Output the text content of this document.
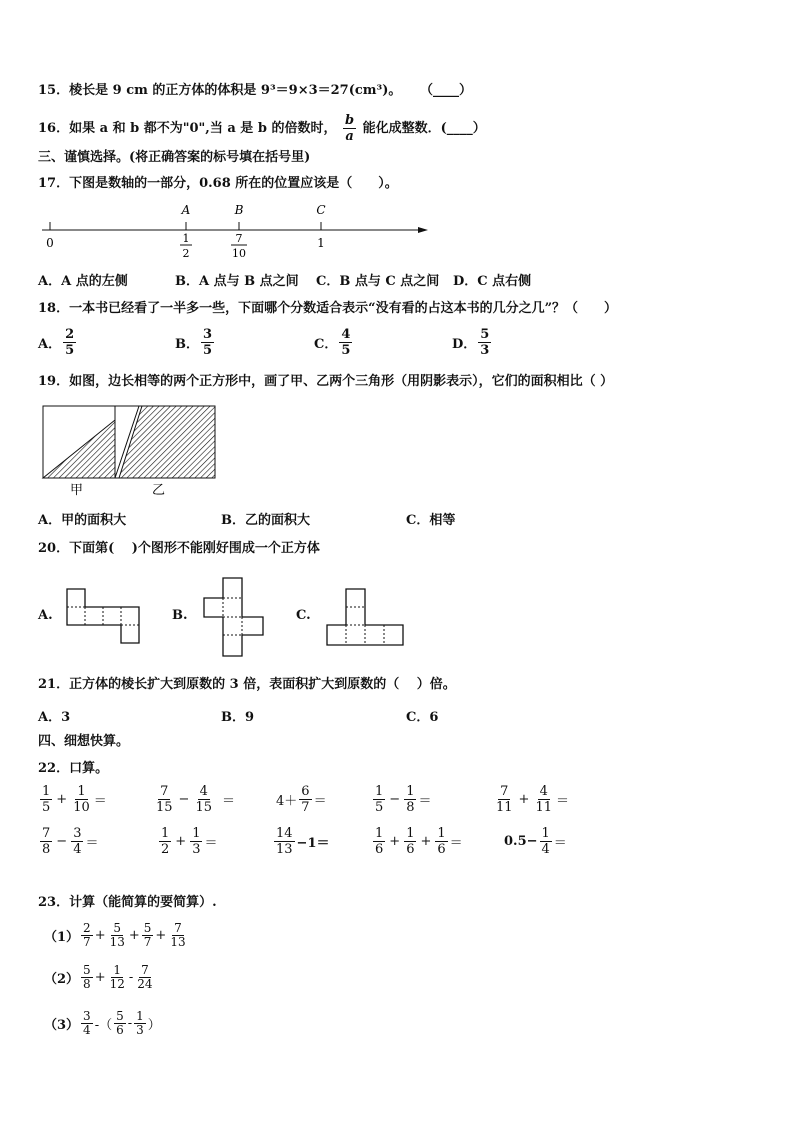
15．棱长是 9 cm 的正方体的体积是 9³＝9×3＝27(cm³)。 （____）
16．如果 a 和 b 都不为"0",当 a 是 b 的倍数时， $\frac{b}{a}$ 能化成整数．(____）
三、谨慎选择。(将正确答案的标号填在括号里)
17．下图是数轴的一部分，0.68 所在的位置应该是（　　）。
A	B	C
0	1
1
2
7
10
A．A 点的左侧	B．A 点与 B 点之间 C．B 点与 C 点之间 D．C 点右侧
18．一本书已经看了一半多一些，下面哪个分数适合表示“没有看的占这本书的几分之几”？（　　）
A． $\frac{2}{5}$	B． $\frac{3}{5}$	C． $\frac{4}{5}$	D． $\frac{5}{3}$
19．如图，边长相等的两个正方形中，画了甲、乙两个三角形（用阴影表示），它们的面积相比（ ）
甲	乙
A．甲的面积大	B．乙的面积大	C．相等
20．下面第(　 )个图形不能刚好围成一个正方体
A.	B.	C.
21．正方体的棱长扩大到原数的 3 倍，表面积扩大到原数的（　 ）倍。
A．3	B．9	C．6
四、细想快算。
22．口算。
$\frac{1}{5} + \frac{1}{10}$ ＝	$\frac{7}{15} - \frac{4}{15}$ ＝	$4+ \frac{6}{7}$ ＝	$\frac{1}{5} - \frac{1}{8}$ ＝	$\frac{7}{11} + \frac{4}{11}$ ＝
$\frac{7}{8} - \frac{3}{4}$ ＝	$\frac{1}{2} + \frac{1}{3}$ ＝	$\frac{14}{13} -1=$	$\frac{1}{6} + \frac{1}{6} + \frac{1}{6}$ ＝	$0.5- \frac{1}{4}$ ＝
23．计算（能简算的要简算）.
$(1) \frac{2}{7} + \frac{5}{13} + \frac{5}{7} + \frac{7}{13}$
$(2) \frac{5}{8} + \frac{1}{12} - \frac{7}{24}$
$(3) \frac{3}{4}$ -（ $\frac{5}{6} - \frac{1}{3}$ ）
